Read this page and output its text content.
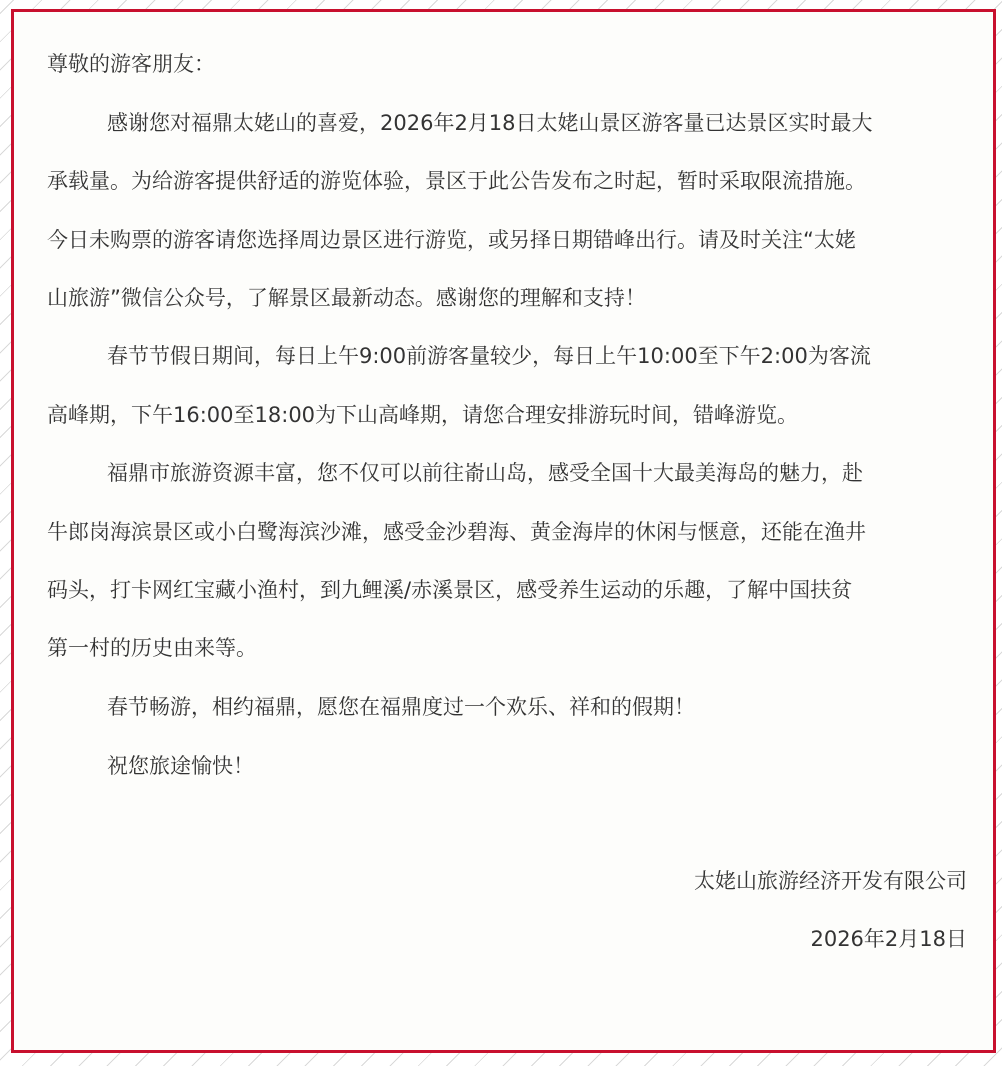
尊敬的游客朋友：
感谢您对福鼎太姥山的喜爱，2026年2月18日太姥山景区游客量已达景区实时最大
承载量。为给游客提供舒适的游览体验，景区于此公告发布之时起，暂时采取限流措施。
今日未购票的游客请您选择周边景区进行游览，或另择日期错峰出行。请及时关注“太姥
山旅游”微信公众号，了解景区最新动态。感谢您的理解和支持！
春节节假日期间，每日上午9:00前游客量较少，每日上午10:00至下午2:00为客流
高峰期，下午16:00至18:00为下山高峰期，请您合理安排游玩时间，错峰游览。
福鼎市旅游资源丰富，您不仅可以前往嵛山岛，感受全国十大最美海岛的魅力，赴
牛郎岗海滨景区或小白鹭海滨沙滩，感受金沙碧海、黄金海岸的休闲与惬意，还能在渔井
码头，打卡网红宝藏小渔村，到九鲤溪/赤溪景区，感受养生运动的乐趣，了解中国扶贫
第一村的历史由来等。
春节畅游，相约福鼎，愿您在福鼎度过一个欢乐、祥和的假期！
祝您旅途愉快！
太姥山旅游经济开发有限公司
2026年2月18日
